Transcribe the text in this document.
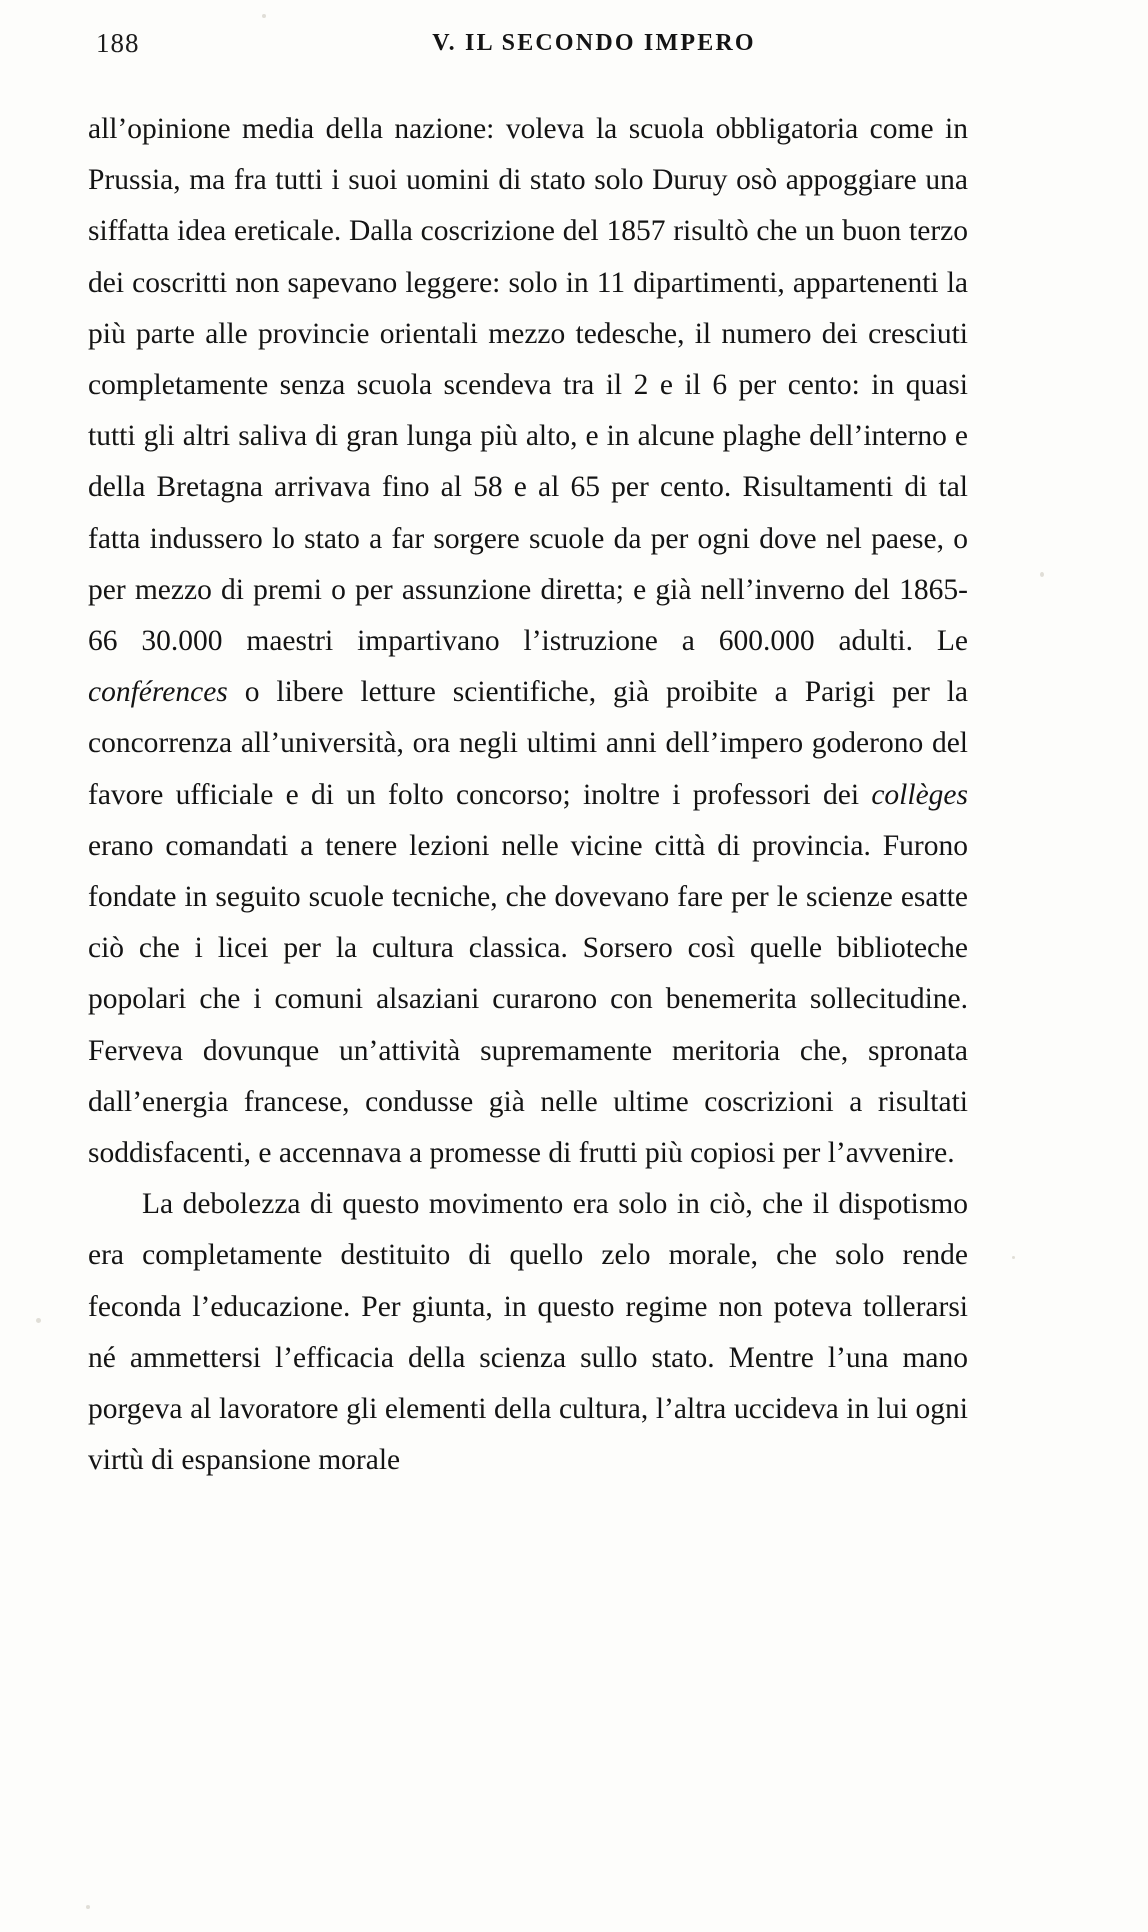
188	V. IL SECONDO IMPERO

all’opinione media della nazione: voleva la scuola obbligatoria come in Prussia, ma fra tutti i suoi uomini di stato solo Duruy osò appoggiare una siffatta idea ereticale. Dalla coscrizione del 1857 risultò che un buon terzo dei coscritti non sapevano leggere: solo in 11 dipartimenti, appartenenti la più parte alle provincie orientali mezzo tedesche, il numero dei cresciuti completamente senza scuola scendeva tra il 2 e il 6 per cento: in quasi tutti gli altri saliva di gran lunga più alto, e in alcune plaghe dell’interno e della Bretagna arrivava fino al 58 e al 65 per cento. Risultamenti di tal fatta indussero lo stato a far sorgere scuole da per ogni dove nel paese, o per mezzo di premi o per assunzione diretta; e già nell’inverno del 1865-66 30.000 maestri impartivano l’istruzione a 600.000 adulti. Le conférences o libere letture scientifiche, già proibite a Parigi per la concorrenza all’università, ora negli ultimi anni dell’impero goderono del favore ufficiale e di un folto concorso; inoltre i professori dei collèges erano comandati a tenere lezioni nelle vicine città di provincia. Furono fondate in seguito scuole tecniche, che dovevano fare per le scienze esatte ciò che i licei per la cultura classica. Sorsero così quelle biblioteche popolari che i comuni alsaziani curarono con benemerita sollecitudine. Ferveva dovunque un’attività supremamente meritoria che, spronata dall’energia francese, condusse già nelle ultime coscrizioni a risultati soddisfacenti, e accennava a promesse di frutti più copiosi per l’avvenire.

La debolezza di questo movimento era solo in ciò, che il dispotismo era completamente destituito di quello zelo morale, che solo rende feconda l’educazione. Per giunta, in questo regime non poteva tollerarsi né ammettersi l’efficacia della scienza sullo stato. Mentre l’una mano porgeva al lavoratore gli elementi della cultura, l’altra uccideva in lui ogni virtù di espansione morale
